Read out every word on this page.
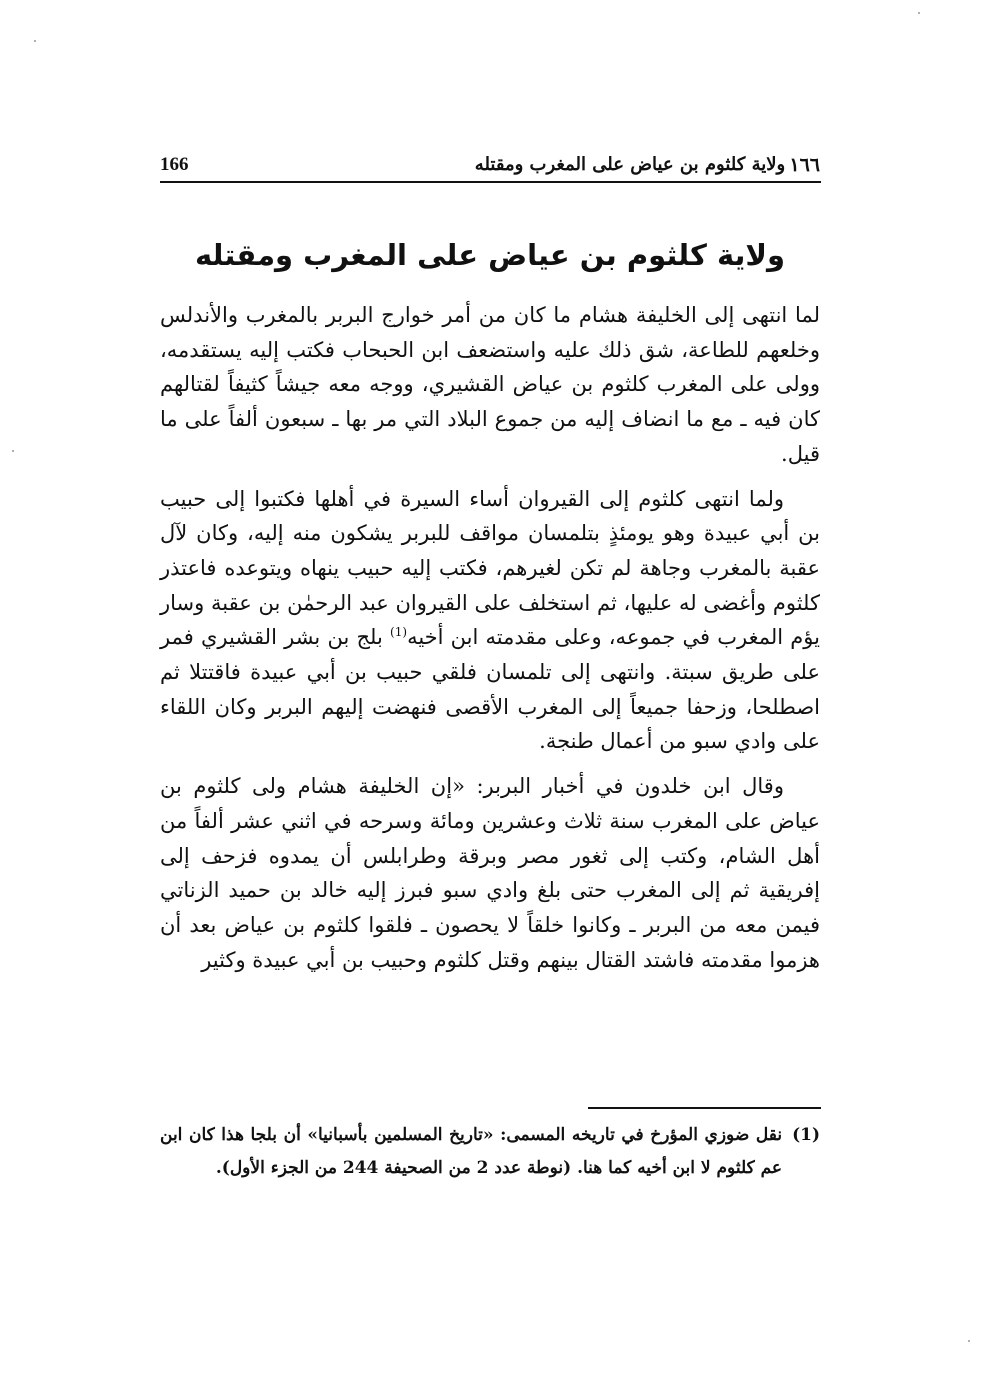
166	ولاية كلثوم بن عياض على المغرب ومقتله ١٦٦
ولاية كلثوم بن عياض على المغرب ومقتله

لما انتهى إلى الخليفة هشام ما كان من أمر خوارج البربر بالمغرب والأندلس وخلعهم للطاعة، شق ذلك عليه واستضعف ابن الحبحاب فكتب إليه يستقدمه، وولى على المغرب كلثوم بن عياض القشيري، ووجه معه جيشاً كثيفاً لقتالهم كان فيه ـ مع ما انضاف إليه من جموع البلاد التي مر بها ـ سبعون ألفاً على ما قيل.

ولما انتهى كلثوم إلى القيروان أساء السيرة في أهلها فكتبوا إلى حبيب بن أبي عبيدة وهو يومئذٍ بتلمسان مواقف للبربر يشكون منه إليه، وكان لآل عقبة بالمغرب وجاهة لم تكن لغيرهم، فكتب إليه حبيب ينهاه ويتوعده فاعتذر كلثوم وأغضى له عليها، ثم استخلف على القيروان عبد الرحمٰن بن عقبة وسار يؤم المغرب في جموعه، وعلى مقدمته ابن أخيه$^{(1)}$ بلج بن بشر القشيري فمر على طريق سبتة. وانتهى إلى تلمسان فلقي حبيب بن أبي عبيدة فاقتتلا ثم اصطلحا، وزحفا جميعاً إلى المغرب الأقصى فنهضت إليهم البربر وكان اللقاء على وادي سبو من أعمال طنجة.

وقال ابن خلدون في أخبار البربر: «إن الخليفة هشام ولى كلثوم بن عياض على المغرب سنة ثلاث وعشرين ومائة وسرحه في اثني عشر ألفاً من أهل الشام، وكتب إلى ثغور مصر وبرقة وطرابلس أن يمدوه فزحف إلى إفريقية ثم إلى المغرب حتى بلغ وادي سبو فبرز إليه خالد بن حميد الزناتي فيمن معه من البربر ـ وكانوا خلقاً لا يحصون ـ فلقوا كلثوم بن عياض بعد أن هزموا مقدمته فاشتد القتال بينهم وقتل كلثوم وحبيب بن أبي عبيدة وكثير

(1)
نقل ضوزي المؤرخ في تاريخه المسمى: «تاريخ المسلمين بأسبانيا» أن بلجا هذا كان ابن عم كلثوم لا ابن أخيه كما هنا. (نوطة عدد 2 من الصحيفة 244 من الجزء الأول).
